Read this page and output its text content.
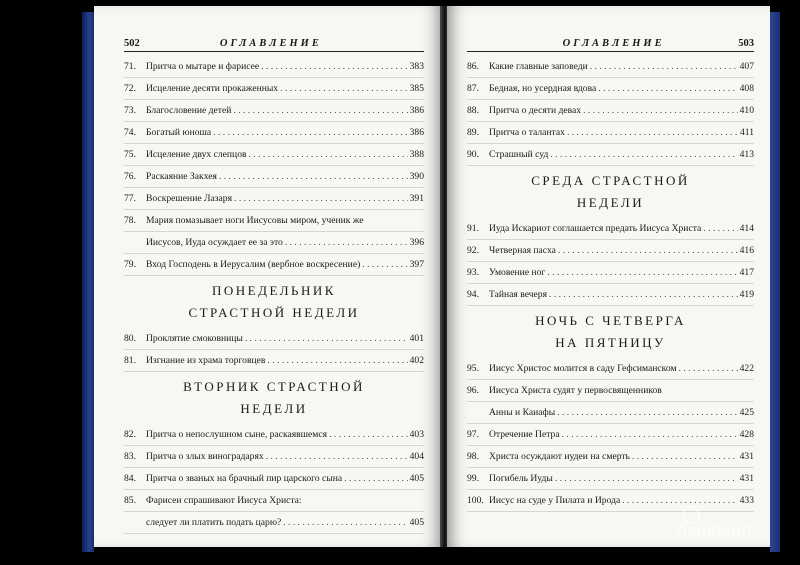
502	ОГЛАВЛЕНИЕ
71.	Притча о мытаре и фарисее . . .	383
72.	Исцеление десяти прокаженных . . .	385
73.	Благословение детей . . .	386
74.	Богатый юноша . . .	386
75.	Исцеление двух слепцов . . .	388
76.	Раскаяние Закхея . . .	390
77.	Воскрешение Лазаря . . .	391
78.	Мария помазывает ноги Иисусовы миром, ученик же
Иисусов, Иуда осуждает ее за это . . .	396
79.	Вход Господень в Иерусалим (вербное воскресение) . . .	397
ПОНЕДЕЛЬНИК
СТРАСТНОЙ НЕДЕЛИ
80.	Проклятие смоковницы . . .	401
81.	Изгнание из храма торговцев . . .	402
ВТОРНИК СТРАСТНОЙ
НЕДЕЛИ
82.	Притча о непослушном сыне, раскаявшемся . . .	403
83.	Притча о злых виноградарях . . .	404
84.	Притча о званых на брачный пир царского сына . . .	405
85.	Фарисеи спрашивают Иисуса Христа:
следует ли платить подать царю? . . .	405
ОГЛАВЛЕНИЕ	503
86.	Какие главные заповеди . . .	407
87.	Бедная, но усердная вдова . . .	408
88.	Притча о десяти девах . . .	410
89.	Притча о талантах . . .	411
90.	Страшный суд . . .	413
СРЕДА СТРАСТНОЙ
НЕДЕЛИ
91.	Иуда Искариот соглашается предать Иисуса Христа . . .	414
92.	Четверная пасха . . .	416
93.	Умовение ног . . .	417
94.	Тайная вечеря . . .	419
НОЧЬ С ЧЕТВЕРГА
НА ПЯТНИЦУ
95.	Иисус Христос молится в саду Гефсиманском . . .	422
96.	Иисуса Христа судят у первосвященников
Анны и Каиафы . . .	425
97.	Отречение Петра . . .	428
98.	Христа осуждают иудеи на смерть . . .	431
99.	Погибель Иуды . . .	431
100. Иисус на суде у Пилата и Ирода . . .	433
Лабиринт
